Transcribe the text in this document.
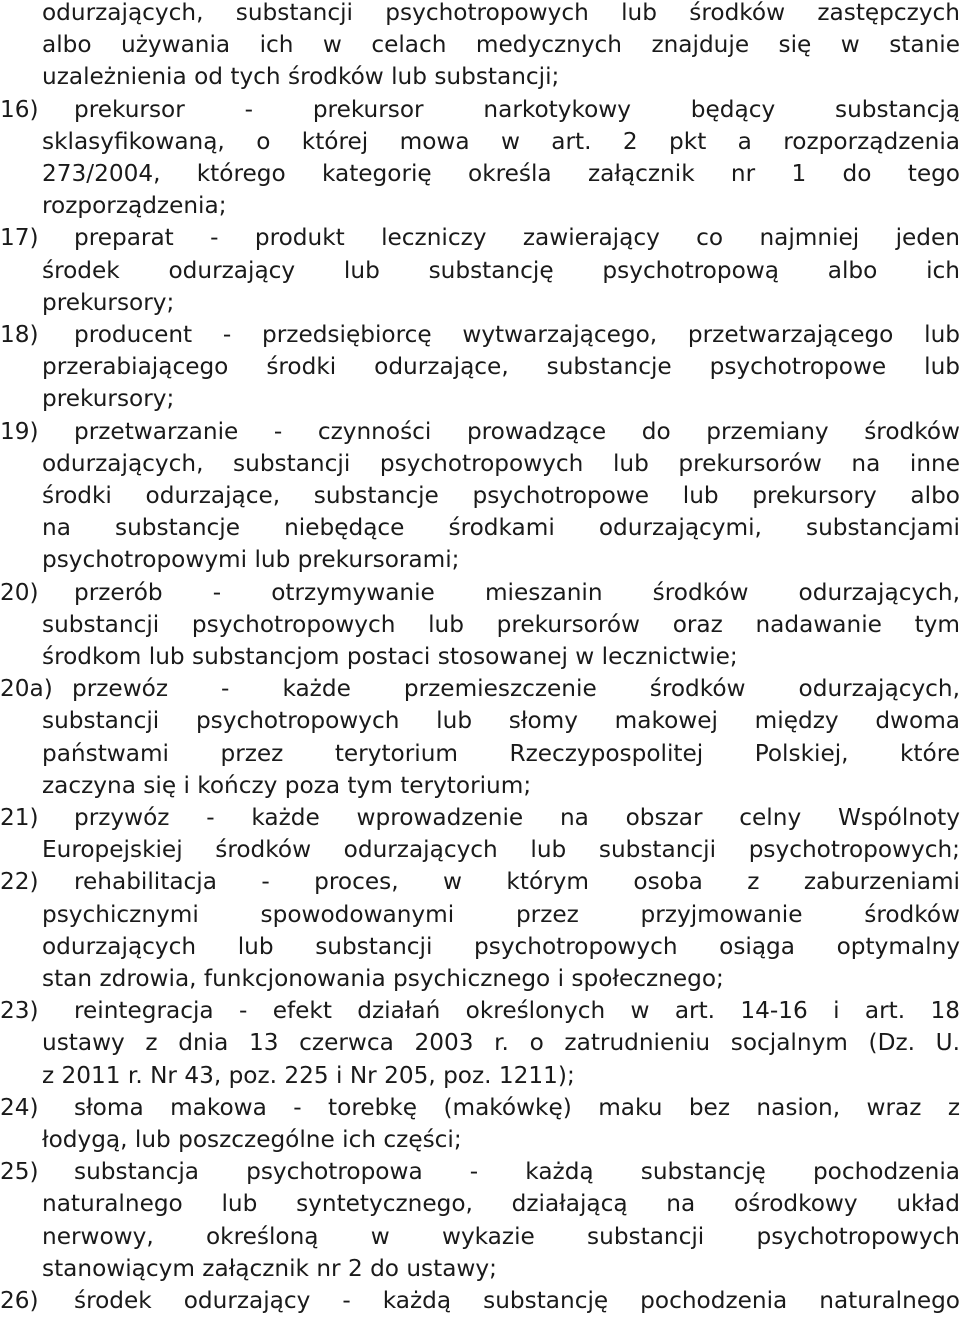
odurzających, substancji psychotropowych lub środków zastępczych
albo używania ich w celach medycznych znajduje się w stanie
uzależnienia od tych środków lub substancji;
16) prekursor - prekursor narkotykowy będący substancją
sklasyfikowaną, o której mowa w art. 2 pkt a rozporządzenia
273/2004, którego kategorię określa załącznik nr 1 do tego
rozporządzenia;
17) preparat - produkt leczniczy zawierający co najmniej jeden
środek odurzający lub substancję psychotropową albo ich
prekursory;
18) producent - przedsiębiorcę wytwarzającego, przetwarzającego lub
przerabiającego środki odurzające, substancje psychotropowe lub
prekursory;
19) przetwarzanie - czynności prowadzące do przemiany środków
odurzających, substancji psychotropowych lub prekursorów na inne
środki odurzające, substancje psychotropowe lub prekursory albo
na substancje niebędące środkami odurzającymi, substancjami
psychotropowymi lub prekursorami;
20) przerób - otrzymywanie mieszanin środków odurzających,
substancji psychotropowych lub prekursorów oraz nadawanie tym
środkom lub substancjom postaci stosowanej w lecznictwie;
20a) przewóz - każde przemieszczenie środków odurzających,
substancji psychotropowych lub słomy makowej między dwoma
państwami przez terytorium Rzeczypospolitej Polskiej, które
zaczyna się i kończy poza tym terytorium;
21) przywóz - każde wprowadzenie na obszar celny Wspólnoty
Europejskiej środków odurzających lub substancji psychotropowych;
22) rehabilitacja - proces, w którym osoba z zaburzeniami
psychicznymi spowodowanymi przez przyjmowanie środków
odurzających lub substancji psychotropowych osiąga optymalny
stan zdrowia, funkcjonowania psychicznego i społecznego;
23) reintegracja - efekt działań określonych w art. 14-16 i art. 18
ustawy z dnia 13 czerwca 2003 r. o zatrudnieniu socjalnym (Dz. U.
z 2011 r. Nr 43, poz. 225 i Nr 205, poz. 1211);
24) słoma makowa - torebkę (makówkę) maku bez nasion, wraz z
łodygą, lub poszczególne ich części;
25) substancja psychotropowa - każdą substancję pochodzenia
naturalnego lub syntetycznego, działającą na ośrodkowy układ
nerwowy, określoną w wykazie substancji psychotropowych
stanowiącym załącznik nr 2 do ustawy;
26) środek odurzający - każdą substancję pochodzenia naturalnego
